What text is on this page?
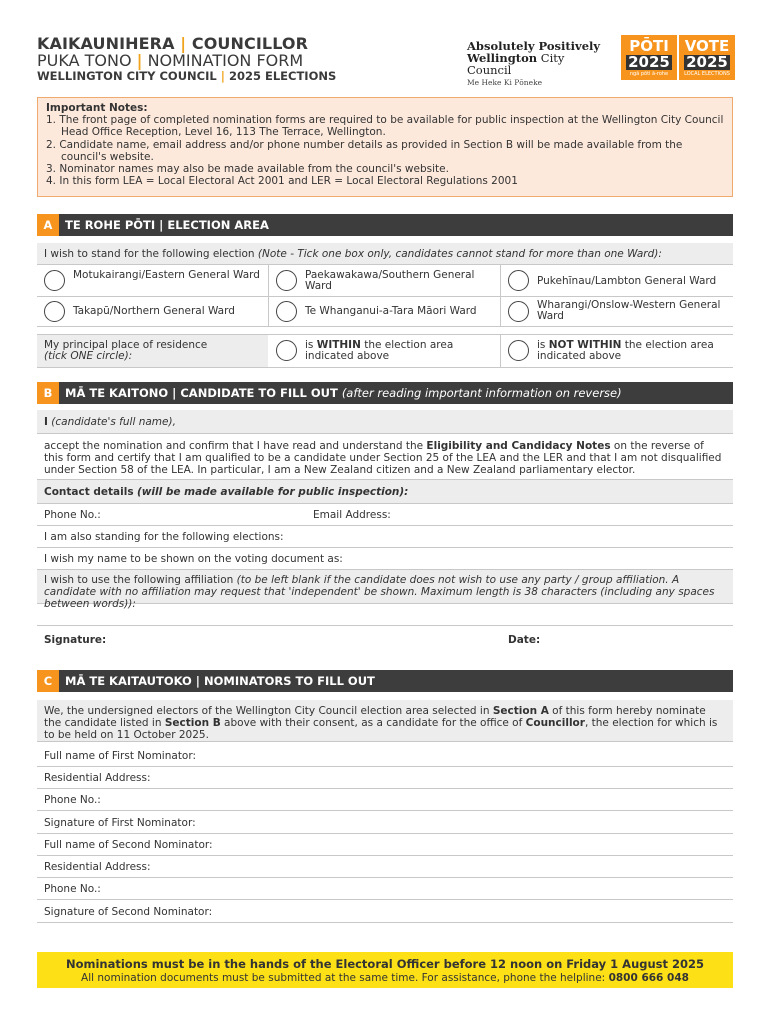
KAIKAUNIHERA | COUNCILLOR
PUKA TONO | NOMINATION FORM
WELLINGTON CITY COUNCIL | 2025 ELECTIONS
Absolutely Positively
Wellington City Council
Me Heke Ki Pōneke
PŌTI
2025
ngā pōti ā-rohe
VOTE
2025
LOCAL ELECTIONS
Important Notes:
1. The front page of completed nomination forms are required to be available for public inspection at the Wellington City Council Head Office Reception, Level 16, 113 The Terrace, Wellington.
2. Candidate name, email address and/or phone number details as provided in Section B will be made available from the council's website.
3. Nominator names may also be made available from the council's website.
4. In this form LEA = Local Electoral Act 2001 and LER = Local Electoral Regulations 2001
A TE ROHE PŌTI | ELECTION AREA
I wish to stand for the following election (Note - Tick one box only, candidates cannot stand for more than one Ward):
Motukairangi/Eastern General Ward	Paekawakawa/Southern General Ward	Pukehīnau/Lambton General Ward
Takapū/Northern General Ward	Te Whanganui-a-Tara Māori Ward	Wharangi/Onslow-Western General Ward
My principal place of residence
(tick ONE circle):
is WITHIN the election area indicated above
is NOT WITHIN the election area indicated above
B MĀ TE KAITONO | CANDIDATE TO FILL OUT (after reading important information on reverse)
I (candidate's full name),
accept the nomination and confirm that I have read and understand the Eligibility and Candidacy Notes on the reverse of this form and certify that I am qualified to be a candidate under Section 25 of the LEA and the LER and that I am not disqualified under Section 58 of the LEA. In particular, I am a New Zealand citizen and a New Zealand parliamentary elector.
Contact details (will be made available for public inspection):
Phone No.:	Email Address:
I am also standing for the following elections:
I wish my name to be shown on the voting document as:
I wish to use the following affiliation (to be left blank if the candidate does not wish to use any party / group affiliation. A candidate with no affiliation may request that 'independent' be shown. Maximum length is 38 characters (including any spaces between words)):
Signature:	Date:
C MĀ TE KAITAUTOKO | NOMINATORS TO FILL OUT
We, the undersigned electors of the Wellington City Council election area selected in Section A of this form hereby nominate the candidate listed in Section B above with their consent, as a candidate for the office of Councillor, the election for which is to be held on 11 October 2025.
Full name of First Nominator:
Residential Address:
Phone No.:
Signature of First Nominator:
Full name of Second Nominator:
Residential Address:
Phone No.:
Signature of Second Nominator:
Nominations must be in the hands of the Electoral Officer before 12 noon on Friday 1 August 2025
All nomination documents must be submitted at the same time. For assistance, phone the helpline: 0800 666 048
